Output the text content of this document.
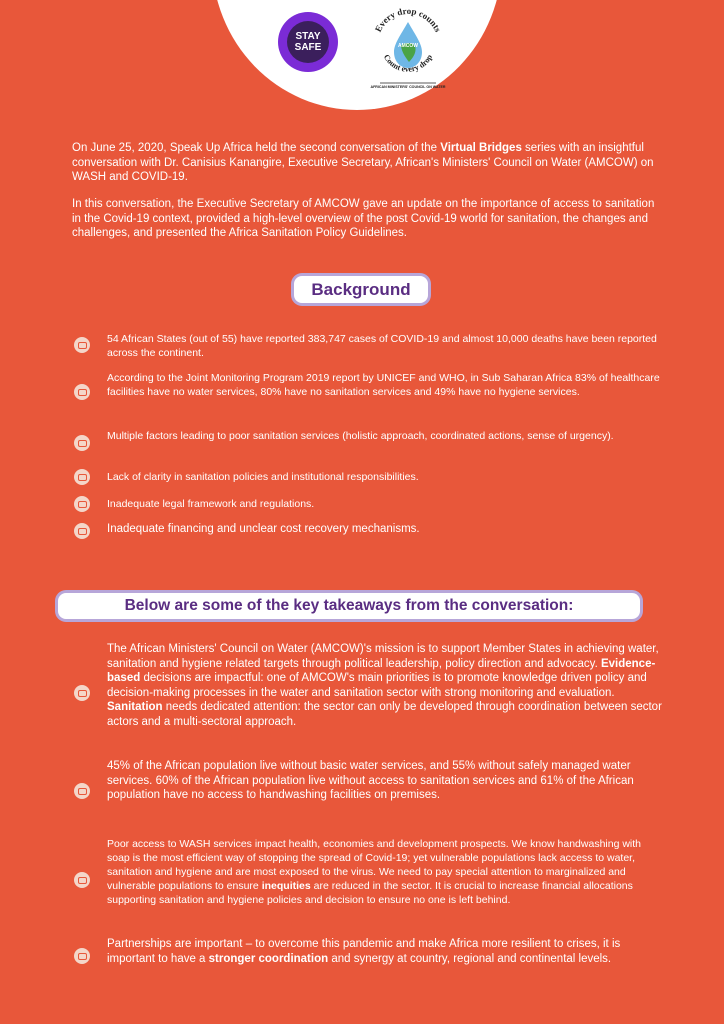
STAY
SAFE
Every drop counts
AMCOW
Count every drop
AFRICAN MINISTERS' COUNCIL ON WATER
On June 25, 2020, Speak Up Africa held the second conversation of the Virtual Bridges series with an insightful conversation with Dr. Canisius Kanangire, Executive Secretary, African's Ministers' Council on Water (AMCOW) on WASH and COVID-19.
In this conversation, the Executive Secretary of AMCOW gave an update on the importance of access to sanitation in the Covid-19 context, provided a high-level overview of the post Covid-19 world for sanitation, the changes and challenges, and presented the Africa Sanitation Policy Guidelines.
Background
54 African States (out of 55) have reported 383,747 cases of COVID-19 and almost 10,000 deaths have been reported across the continent.
According to the Joint Monitoring Program 2019 report by UNICEF and WHO, in Sub Saharan Africa 83% of healthcare facilities have no water services, 80% have no sanitation services and 49% have no hygiene services.
Multiple factors leading to poor sanitation services (holistic approach, coordinated actions, sense of urgency).
Lack of clarity in sanitation policies and institutional responsibilities.
Inadequate legal framework and regulations.
Inadequate financing and unclear cost recovery mechanisms.
Below are some of the key takeaways from the conversation:
The African Ministers' Council on Water (AMCOW)'s mission is to support Member States in achieving water, sanitation and hygiene related targets through political leadership, policy direction and advocacy. Evidence-based decisions are impactful: one of AMCOW's main priorities is to promote knowledge driven policy and decision-making processes in the water and sanitation sector with strong monitoring and evaluation. Sanitation needs dedicated attention: the sector can only be developed through coordination between sector actors and a multi-sectoral approach.
45% of the African population live without basic water services, and 55% without safely managed water services. 60% of the African population live without access to sanitation services and 61% of the African population have no access to handwashing facilities on premises.
Poor access to WASH services impact health, economies and development prospects. We know handwashing with soap is the most efficient way of stopping the spread of Covid-19; yet vulnerable populations lack access to water, sanitation and hygiene and are most exposed to the virus. We need to pay special attention to marginalized and vulnerable populations to ensure inequities are reduced in the sector. It is crucial to increase financial allocations supporting sanitation and hygiene policies and decision to ensure no one is left behind.
Partnerships are important – to overcome this pandemic and make Africa more resilient to crises, it is important to have a stronger coordination and synergy at country, regional and continental levels.
